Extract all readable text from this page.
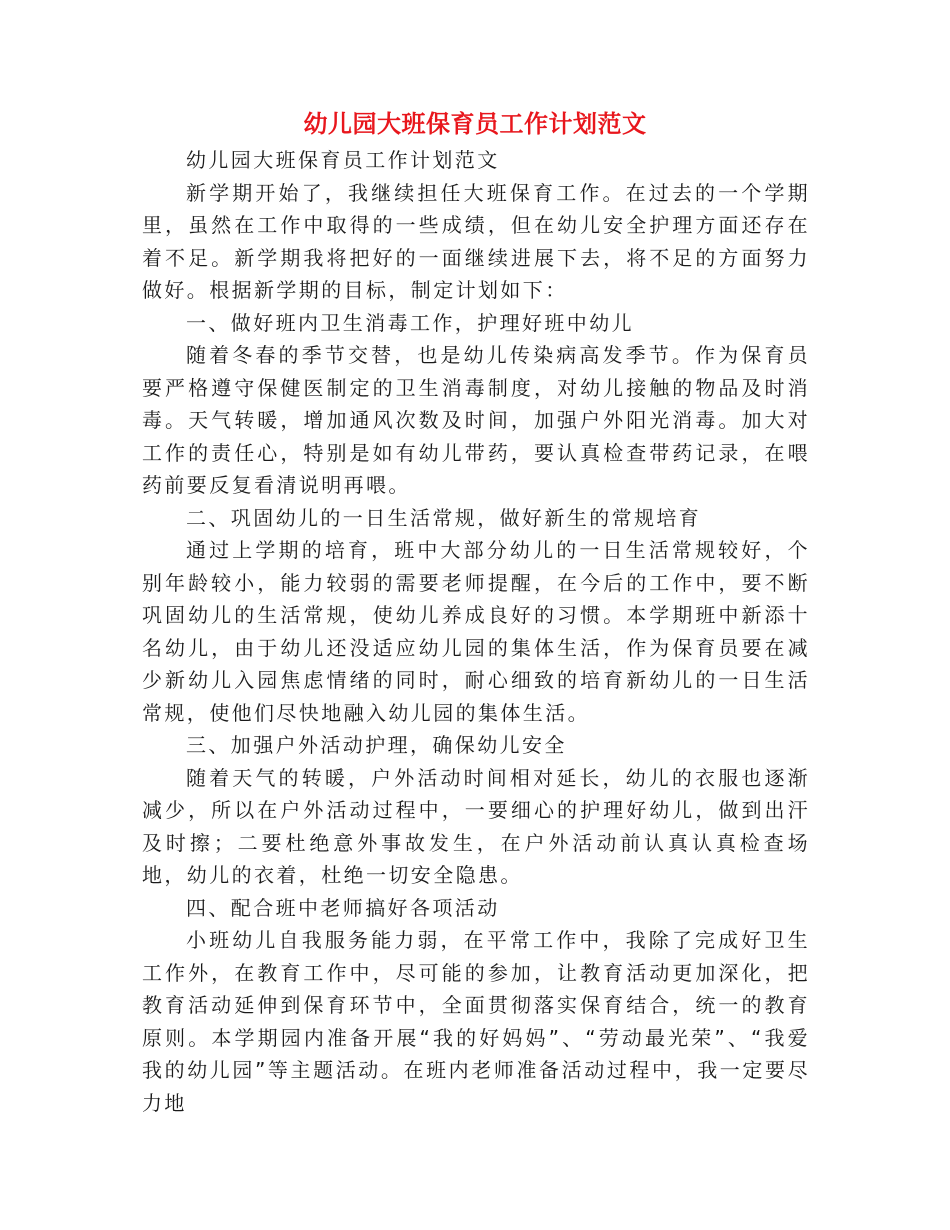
幼儿园大班保育员工作计划范文

幼儿园大班保育员工作计划范文

新学期开始了，我继续担任大班保育工作。在过去的一个学期里，虽然在工作中取得的一些成绩，但在幼儿安全护理方面还存在着不足。新学期我将把好的一面继续进展下去，将不足的方面努力做好。根据新学期的目标，制定计划如下：

一、做好班内卫生消毒工作，护理好班中幼儿

随着冬春的季节交替，也是幼儿传染病高发季节。作为保育员要严格遵守保健医制定的卫生消毒制度，对幼儿接触的物品及时消毒。天气转暖，增加通风次数及时间，加强户外阳光消毒。加大对工作的责任心，特别是如有幼儿带药，要认真检查带药记录，在喂药前要反复看清说明再喂。

二、巩固幼儿的一日生活常规，做好新生的常规培育

通过上学期的培育，班中大部分幼儿的一日生活常规较好，个别年龄较小，能力较弱的需要老师提醒，在今后的工作中，要不断巩固幼儿的生活常规，使幼儿养成良好的习惯。本学期班中新添十名幼儿，由于幼儿还没适应幼儿园的集体生活，作为保育员要在减少新幼儿入园焦虑情绪的同时，耐心细致的培育新幼儿的一日生活常规，使他们尽快地融入幼儿园的集体生活。

三、加强户外活动护理，确保幼儿安全

随着天气的转暖，户外活动时间相对延长，幼儿的衣服也逐渐减少，所以在户外活动过程中，一要细心的护理好幼儿，做到出汗及时擦；二要杜绝意外事故发生，在户外活动前认真认真检查场地，幼儿的衣着，杜绝一切安全隐患。

四、配合班中老师搞好各项活动

小班幼儿自我服务能力弱，在平常工作中，我除了完成好卫生工作外，在教育工作中，尽可能的参加，让教育活动更加深化，把教育活动延伸到保育环节中，全面贯彻落实保育结合，统一的教育原则。本学期园内准备开展“我的好妈妈”、“劳动最光荣”、“我爱我的幼儿园”等主题活动。在班内老师准备活动过程中，我一定要尽力地
